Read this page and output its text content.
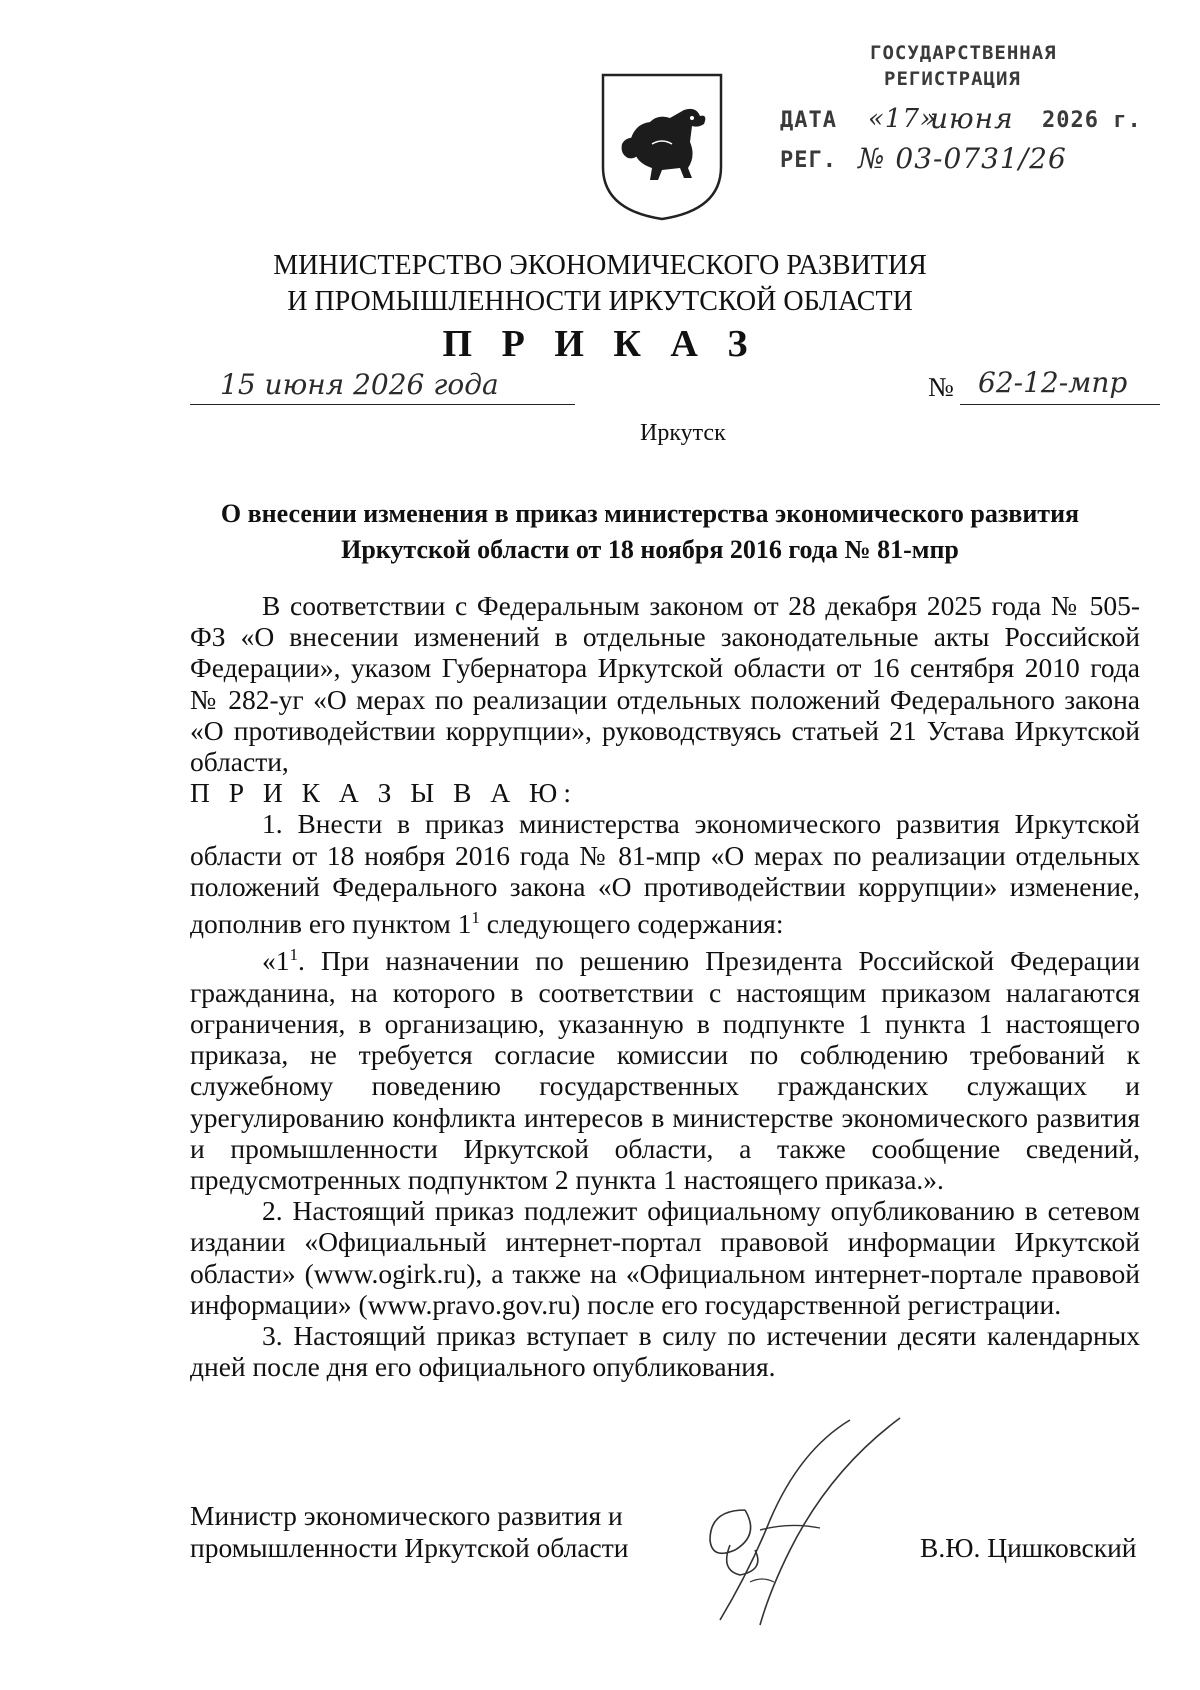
ГОСУДАРСТВЕННАЯ
РЕГИСТРАЦИЯ
ДАТА «17»
июня 2026 г.
РЕГ. № 03-0731/26
МИНИСТЕРСТВО ЭКОНОМИЧЕСКОГО РАЗВИТИЯ
И ПРОМЫШЛЕННОСТИ ИРКУТСКОЙ ОБЛАСТИ
П Р И К А З
15 июня 2026 года	№ 62-12-мпр
Иркутск
О внесении изменения в приказ министерства экономического развития
Иркутской области от 18 ноября 2016 года № 81-мпр

В соответствии с Федеральным законом от 28 декабря 2025 года № 505-ФЗ «О внесении изменений в отдельные законодательные акты Российской Федерации», указом Губернатора Иркутской области от 16 сентября 2010 года № 282-уг «О мерах по реализации отдельных положений Федерального закона «О противодействии коррупции», руководствуясь статьей 21 Устава Иркутской области,

П Р И К А З Ы В А Ю:

1. Внести в приказ министерства экономического развития Иркутской области от 18 ноября 2016 года № 81-мпр «О мерах по реализации отдельных положений Федерального закона «О противодействии коррупции» изменение, дополнив его пунктом $1^1$ следующего содержания:

«$1^1$. При назначении по решению Президента Российской Федерации гражданина, на которого в соответствии с настоящим приказом налагаются ограничения, в организацию, указанную в подпункте 1 пункта 1 настоящего приказа, не требуется согласие комиссии по соблюдению требований к служебному поведению государственных гражданских служащих и урегулированию конфликта интересов в министерстве экономического развития и промышленности Иркутской области, а также сообщение сведений, предусмотренных подпунктом 2 пункта 1 настоящего приказа.».

2. Настоящий приказ подлежит официальному опубликованию в сетевом издании «Официальный интернет-портал правовой информации Иркутской области» (www.ogirk.ru), а также на «Официальном интернет-портале правовой информации» (www.pravo.gov.ru) после его государственной регистрации.

3. Настоящий приказ вступает в силу по истечении десяти календарных дней после дня его официального опубликования.

Министр экономического развития и
промышленности Иркутской области	В.Ю. Цишковский
